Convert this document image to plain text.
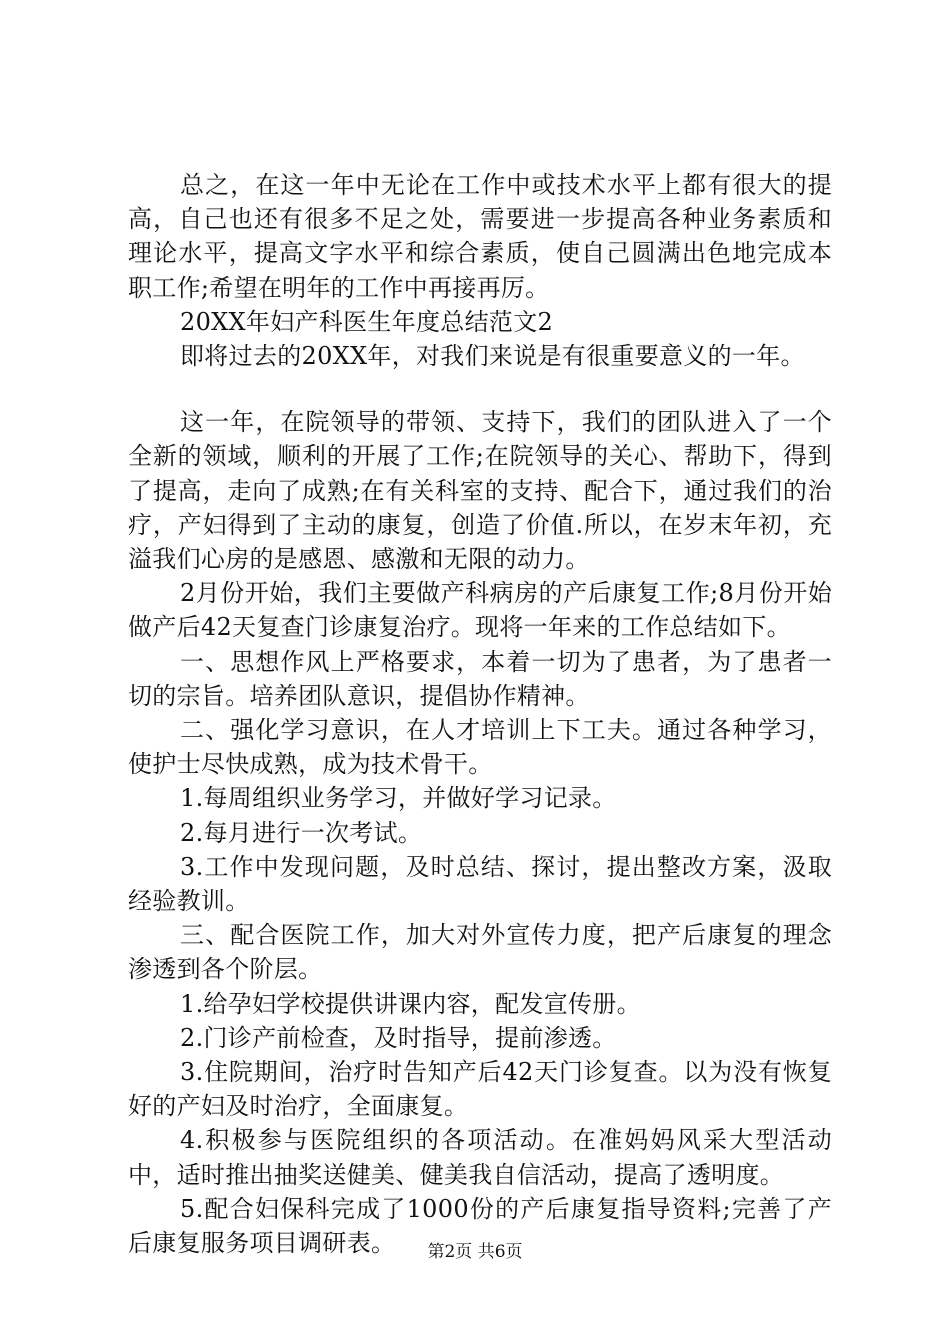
总之，在这一年中无论在工作中或技术水平上都有很大的提高，自己也还有很多不足之处，需要进一步提高各种业务素质和理论水平，提高文字水平和综合素质，使自己圆满出色地完成本职工作;希望在明年的工作中再接再厉。

20XX年妇产科医生年度总结范文2

即将过去的20XX年，对我们来说是有很重要意义的一年。

这一年，在院领导的带领、支持下，我们的团队进入了一个全新的领域，顺利的开展了工作;在院领导的关心、帮助下，得到了提高，走向了成熟;在有关科室的支持、配合下，通过我们的治疗，产妇得到了主动的康复，创造了价值.所以，在岁末年初，充溢我们心房的是感恩、感激和无限的动力。

2月份开始，我们主要做产科病房的产后康复工作;8月份开始做产后42天复查门诊康复治疗。现将一年来的工作总结如下。

一、思想作风上严格要求，本着一切为了患者，为了患者一切的宗旨。培养团队意识，提倡协作精神。

二、强化学习意识，在人才培训上下工夫。通过各种学习，使护士尽快成熟，成为技术骨干。

1.每周组织业务学习，并做好学习记录。

2.每月进行一次考试。

3.工作中发现问题，及时总结、探讨，提出整改方案，汲取经验教训。

三、配合医院工作，加大对外宣传力度，把产后康复的理念渗透到各个阶层。

1.给孕妇学校提供讲课内容，配发宣传册。

2.门诊产前检查，及时指导，提前渗透。

3.住院期间，治疗时告知产后42天门诊复查。以为没有恢复好的产妇及时治疗，全面康复。

4.积极参与医院组织的各项活动。在准妈妈风采大型活动中，适时推出抽奖送健美、健美我自信活动，提高了透明度。

5.配合妇保科完成了1000份的产后康复指导资料;完善了产后康复服务项目调研表。	第2页 共6页
